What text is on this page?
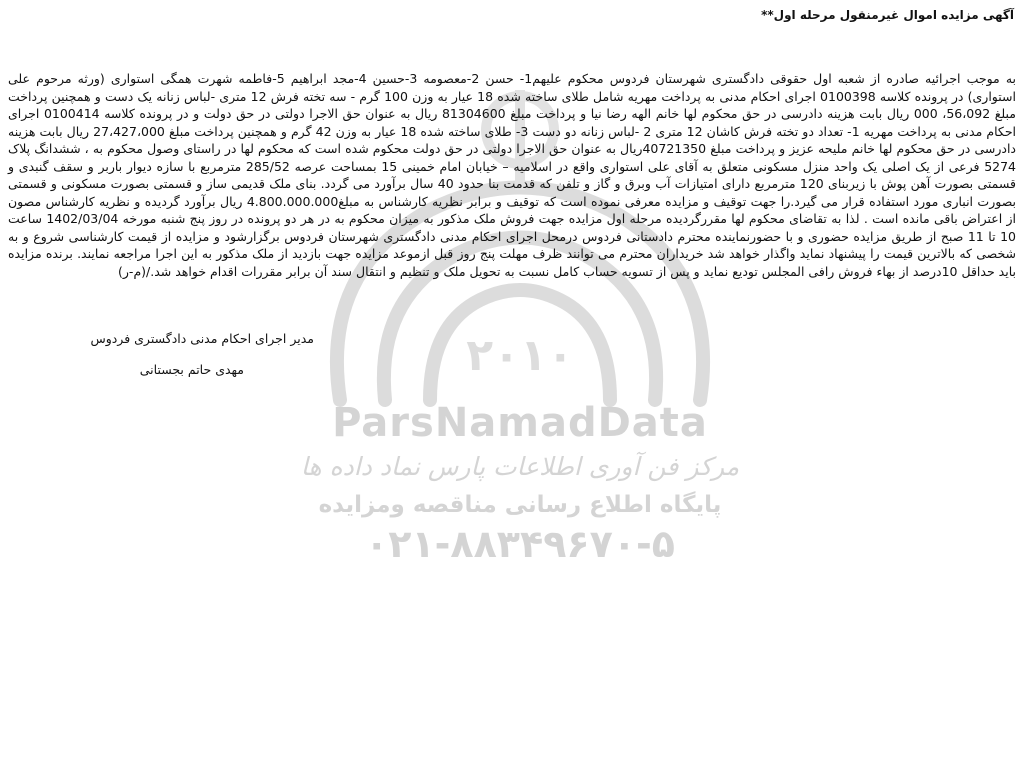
۲۰۱۰
ParsNamadData
مرکز فن آوری اطلاعات پارس نماد داده ها
پایگاه اطلاع رسانی مناقصه ومزایده
۰۲۱-۸۸۳۴۹۶۷۰-۵
آگهی مزایده اموال غیرمنقول مرحله اول**

به موجب اجرائیه صادره از شعبه اول حقوقی دادگستری شهرستان فردوس محکوم علیهم1- حسن 2-معصومه 3-حسین 4-مجد ابراهیم 5-فاطمه شهرت همگی استواری (ورثه مرحوم علی استواری) در پرونده کلاسه 0100398 اجرای احکام مدنی به پرداخت مهریه شامل طلای ساخته شده 18 عیار به وزن 100 گرم - سه تخته فرش 12 متری -لباس زنانه یک دست و همچنین پرداخت مبلغ 56،092، 000 ریال بابت هزینه دادرسی در حق محکوم لها خانم الهه رضا نیا و پرداخت مبلغ 81304600 ریال به عنوان حق الاجرا دولتی در حق دولت و در پرونده کلاسه 0100414 اجرای احکام مدنی به پرداخت مهریه 1- تعداد دو تخته فرش کاشان 12 متری 2 -لباس زنانه دو دست 3- طلای ساخته شده 18 عیار به وزن 42 گرم و همچنین پرداخت مبلغ 27،427،000 ریال بابت هزینه دادرسی در حق محکوم لها خانم ملیحه عزیز و پرداخت مبلغ 40721350ریال به عنوان حق الاجرا دولتی در حق دولت محکوم شده است که محکوم لها در راستای وصول محکوم به ، ششدانگ پلاک 5274 فرعی از یک اصلی یک واحد منزل مسکونی متعلق به آقای علی استواری واقع در اسلامیه – خیابان امام خمینی 15 بمساحت عرصه 285/52 مترمربع با سازه دیوار باربر و سقف گنبدی و قسمتی بصورت آهن پوش با زیربنای 120 مترمربع دارای امتیازات آب وبرق و گاز و تلفن که قدمت بنا حدود 40 سال برآورد می گردد. بنای ملک قدیمی ساز و قسمتی بصورت مسکونی و قسمتی بصورت انباری مورد استفاده قرار می گیرد.را جهت توقیف و مزایده معرفی نموده است که توقیف و برابر نظریه کارشناس به مبلغ4.800.000.000 ریال برآورد گردیده و نظریه کارشناس مصون از اعتراض باقی مانده است . لذا به تقاضای محکوم لها مقررگردیده مرحله اول مزایده جهت فروش ملک مذکور به میزان محکوم به در هر دو پرونده در روز پنج شنبه مورخه 1402/03/04 ساعت 10 تا 11 صبح از طریق مزایده حضوری و با حضورنماینده محترم دادستانی فردوس درمحل اجرای احکام مدنی دادگستری شهرستان فردوس برگزارشود و مزایده از قیمت کارشناسی شروع و به شخصی که بالاترین قیمت را پیشنهاد نماید واگذار خواهد شد خریداران محترم می توانند ظرف مهلت پنج روز قبل ازموعد مزایده جهت بازدید از ملک مذکور به این اجرا مراجعه نمایند. برنده مزایده باید حداقل 10درصد از بهاء فروش رافی المجلس تودیع نماید و پس از تسویه حساب کامل نسبت به تحویل ملک و تنظیم و انتقال سند آن برابر مقررات اقدام خواهد شد./(م-ر)

مدیر اجرای احکام مدنی دادگستری فردوس
مهدی حاتم بجستانی
